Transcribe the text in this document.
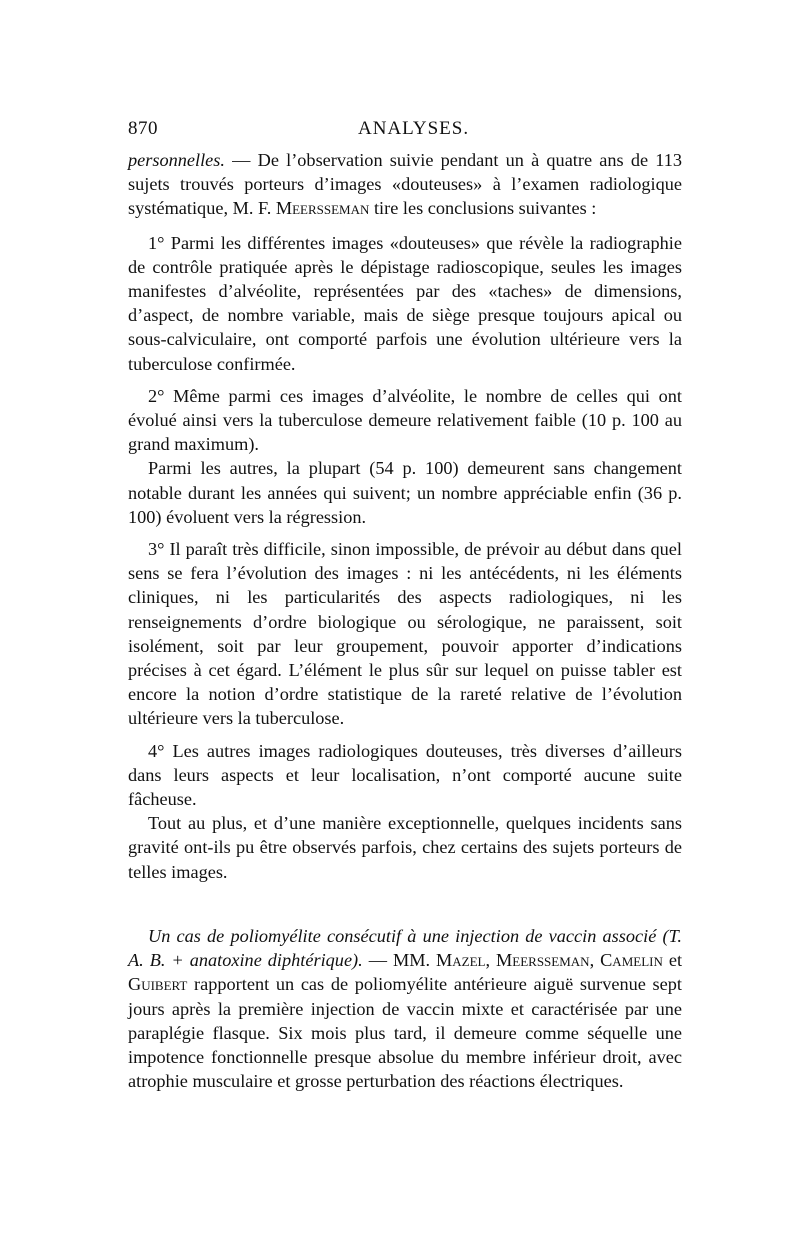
870	ANALYSES.

personnelles. — De l’observation suivie pendant un à quatre ans de 113 sujets trouvés porteurs d’images «douteuses» à l’examen radiologique systématique, M. F. Meersseman tire les conclusions suivantes :

1° Parmi les différentes images «douteuses» que révèle la radiographie de contrôle pratiquée après le dépistage radioscopique, seules les images manifestes d’alvéolite, représentées par des «taches» de dimensions, d’aspect, de nombre variable, mais de siège presque toujours apical ou sous-calviculaire, ont comporté parfois une évolution ultérieure vers la tuberculose confirmée.

2° Même parmi ces images d’alvéolite, le nombre de celles qui ont évolué ainsi vers la tuberculose demeure relativement faible (10 p. 100 au grand maximum).

Parmi les autres, la plupart (54 p. 100) demeurent sans changement notable durant les années qui suivent; un nombre appréciable enfin (36 p. 100) évoluent vers la régression.

3° Il paraît très difficile, sinon impossible, de prévoir au début dans quel sens se fera l’évolution des images : ni les antécédents, ni les éléments cliniques, ni les particularités des aspects radiologiques, ni les renseignements d’ordre biologique ou sérologique, ne paraissent, soit isolément, soit par leur groupement, pouvoir apporter d’indications précises à cet égard. L’élément le plus sûr sur lequel on puisse tabler est encore la notion d’ordre statistique de la rareté relative de l’évolution ultérieure vers la tuberculose.

4° Les autres images radiologiques douteuses, très diverses d’ailleurs dans leurs aspects et leur localisation, n’ont comporté aucune suite fâcheuse.

Tout au plus, et d’une manière exceptionnelle, quelques incidents sans gravité ont-ils pu être observés parfois, chez certains des sujets porteurs de telles images.

Un cas de poliomyélite consécutif à une injection de vaccin associé (T. A. B. + anatoxine diphtérique). — MM. Mazel, Meersseman, Camelin et Guibert rapportent un cas de poliomyélite antérieure aiguë survenue sept jours après la première injection de vaccin mixte et caractérisée par une paraplégie flasque. Six mois plus tard, il demeure comme séquelle une impotence fonctionnelle presque absolue du membre inférieur droit, avec atrophie musculaire et grosse perturbation des réactions électriques.
